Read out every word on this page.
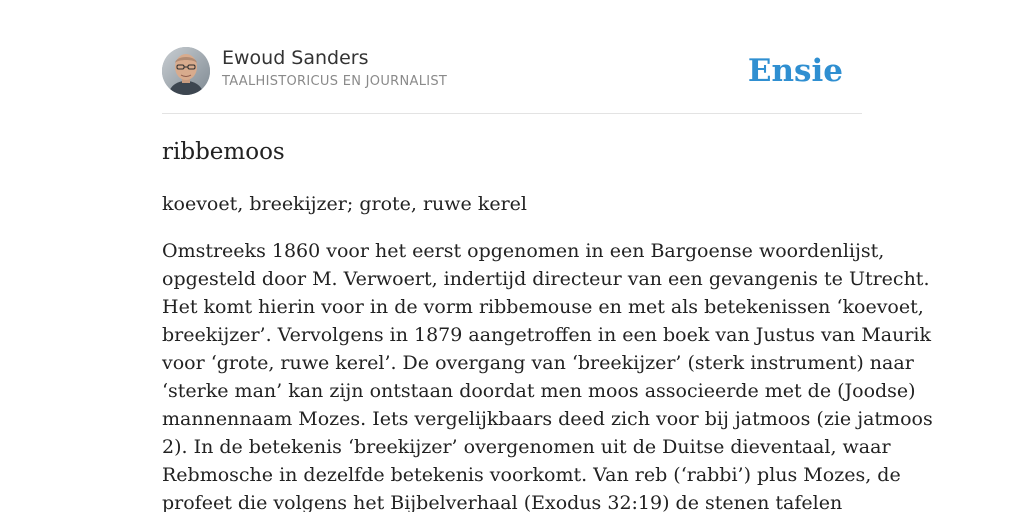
Ewoud Sanders
TAALHISTORICUS EN JOURNALIST	Ensie
ribbemoos

koevoet, breekijzer; grote, ruwe kerel

Omstreeks 1860 voor het eerst opgenomen in een Bargoense woordenlijst,
opgesteld door M. Verwoert, indertijd directeur van een gevangenis te Utrecht.
Het komt hierin voor in de vorm ribbemouse en met als betekenissen ‘koevoet,
breekijzer’. Vervolgens in 1879 aangetroffen in een boek van Justus van Maurik
voor ‘grote, ruwe kerel’. De overgang van ‘breekijzer’ (sterk instrument) naar
‘sterke man’ kan zijn ontstaan doordat men moos associeerde met de (Joodse)
mannennaam Mozes. Iets vergelijkbaars deed zich voor bij jatmoos (zie jatmoos
2). In de betekenis ‘breekijzer’ overgenomen uit de Duitse dieventaal, waar
Rebmosche in dezelfde betekenis voorkomt. Van reb (‘rabbi’) plus Mozes, de
profeet die volgens het Bijbelverhaal (Exodus 32:19) de stenen tafelen
